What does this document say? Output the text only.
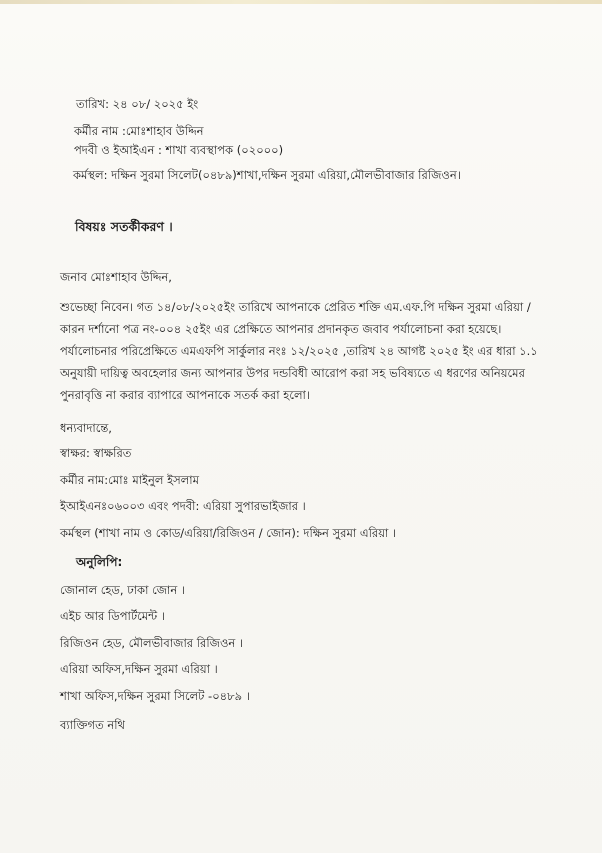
তারিখ: ২৪ ০৮/ ২০২৫ ইং
কর্মীর নাম :মোঃশাহাব উদ্দিন
পদবী ও ইআইএন : শাখা ব্যবস্থাপক (০২০০০)
কর্মস্থল: দক্ষিন সুরমা সিলেট(০৪৮৯)শাখা,দক্ষিন সুরমা এরিয়া,মৌলভীবাজার রিজিওন।
বিষয়ঃ সতর্কীকরণ ।
জনাব মোঃশাহাব উদ্দিন,
শুভেচ্ছা নিবেন। গত ১৪/০৮/২০২৫ইং তারিখে আপনাকে প্রেরিত শক্তি এম.এফ.পি দক্ষিন সুরমা এরিয়া /কারন দর্শানো পত্র নং-০০৪ ২৫ইং এর প্রেক্ষিতে আপনার প্রদানকৃত জবাব পর্যালোচনা করা হয়েছে। পর্যালোচনার পরিপ্রেক্ষিতে এমএফপি সার্কুলার নংঃ ১২/২০২৫ ,তারিখ ২৪ আগষ্ট ২০২৫ ইং এর ধারা ১.১ অনুযায়ী দায়িত্ব অবহেলার জন্য আপনার উপর দন্ডবিধী আরোপ করা সহ ভবিষ্যতে এ ধরণের অনিয়মের পুনরাবৃত্তি না করার ব্যাপারে আপনাকে সতর্ক করা হলো।
ধন্যবাদান্তে,
স্বাক্ষর: স্বাক্ষরিত
কর্মীর নাম:মোঃ মাইনুল ইসলাম
ইআইএনঃ০৬০০৩ এবং পদবী: এরিয়া সুপারভাইজার ।
কর্মস্থল (শাখা নাম ও কোড/এরিয়া/রিজিওন / জোন): দক্ষিন সুরমা এরিয়া ।
অনুলিপি:
জোনাল হেড, ঢাকা জোন ।
এইচ আর ডিপার্টমেন্ট ।
রিজিওন হেড, মৌলভীবাজার রিজিওন ।
এরিয়া অফিস,দক্ষিন সুরমা এরিয়া ।
শাখা অফিস,দক্ষিন সুরমা সিলেট -০৪৮৯ ।
ব্যাক্তিগত নথি
